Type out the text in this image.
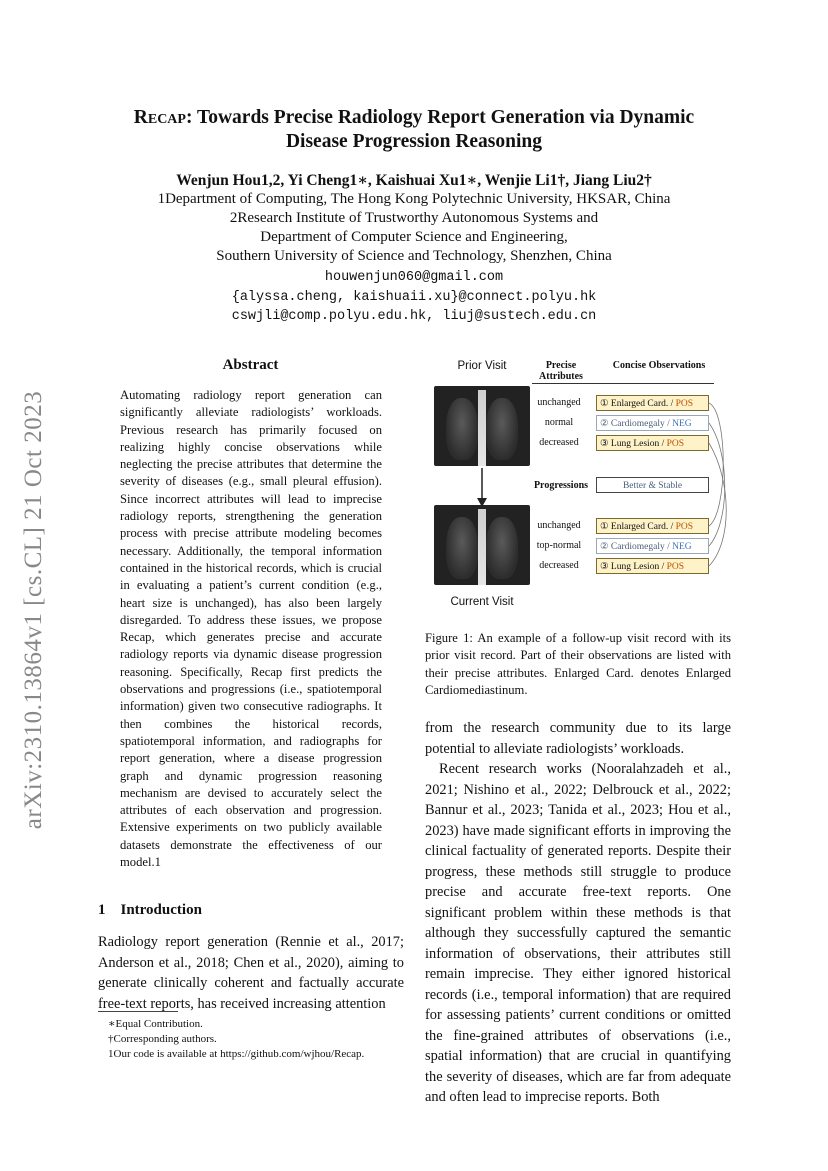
Recap: Towards Precise Radiology Report Generation via Dynamic
Disease Progression Reasoning
Wenjun Hou1,2, Yi Cheng1∗, Kaishuai Xu1∗, Wenjie Li1†, Jiang Liu2†
1Department of Computing, The Hong Kong Polytechnic University, HKSAR, China
2Research Institute of Trustworthy Autonomous Systems and
Department of Computer Science and Engineering,
Southern University of Science and Technology, Shenzhen, China
houwenjun060@gmail.com
{alyssa.cheng, kaishuaii.xu}@connect.polyu.hk
cswjli@comp.polyu.edu.hk, liuj@sustech.edu.cn
arXiv:2310.13864v1 [cs.CL] 21 Oct 2023
Abstract

Automating radiology report generation can significantly alleviate radiologists’ workloads. Previous research has primarily focused on realizing highly concise observations while neglecting the precise attributes that determine the severity of diseases (e.g., small pleural effusion). Since incorrect attributes will lead to imprecise radiology reports, strengthening the generation process with precise attribute modeling becomes necessary. Additionally, the temporal information contained in the historical records, which is crucial in evaluating a patient’s current condition (e.g., heart size is unchanged), has also been largely disregarded. To address these issues, we propose Recap, which generates precise and accurate radiology reports via dynamic disease progression reasoning. Specifically, Recap first predicts the observations and progressions (i.e., spatiotemporal information) given two consecutive radiographs. It then combines the historical records, spatiotemporal information, and radiographs for report generation, where a disease progression graph and dynamic progression reasoning mechanism are devised to accurately select the attributes of each observation and progression. Extensive experiments on two publicly available datasets demonstrate the effectiveness of our model.1

1 Introduction
Radiology report generation (Rennie et al., 2017; Anderson et al., 2018; Chen et al., 2020), aiming to generate clinically coherent and factually accurate free-text reports, has received increasing attention
∗Equal Contribution.
†Corresponding authors.
1Our code is available at https://github.com/wjhou/Recap.
Prior Visit	Precise Attributes
Concise Observations
unchanged
normal
decreased
① Enlarged Card. / POS
② Cardiomegaly / NEG
③ Lung Lesion / POS
Progressions	Better & Stable
unchanged
top-normal
decreased
① Enlarged Card. / POS
② Cardiomegaly / NEG
③ Lung Lesion / POS
Current Visit
Figure 1: An example of a follow-up visit record with its prior visit record. Part of their observations are listed with their precise attributes. Enlarged Card. denotes Enlarged Cardiomediastinum.
from the research community due to its large potential to alleviate radiologists’ workloads.
Recent research works (Nooralahzadeh et al., 2021; Nishino et al., 2022; Delbrouck et al., 2022; Bannur et al., 2023; Tanida et al., 2023; Hou et al., 2023) have made significant efforts in improving the clinical factuality of generated reports. Despite their progress, these methods still struggle to produce precise and accurate free-text reports. One significant problem within these methods is that although they successfully captured the semantic information of observations, their attributes still remain imprecise. They either ignored historical records (i.e., temporal information) that are required for assessing patients’ current conditions or omitted the fine-grained attributes of observations (i.e., spatial information) that are crucial in quantifying the severity of diseases, which are far from adequate and often lead to imprecise reports. Both
